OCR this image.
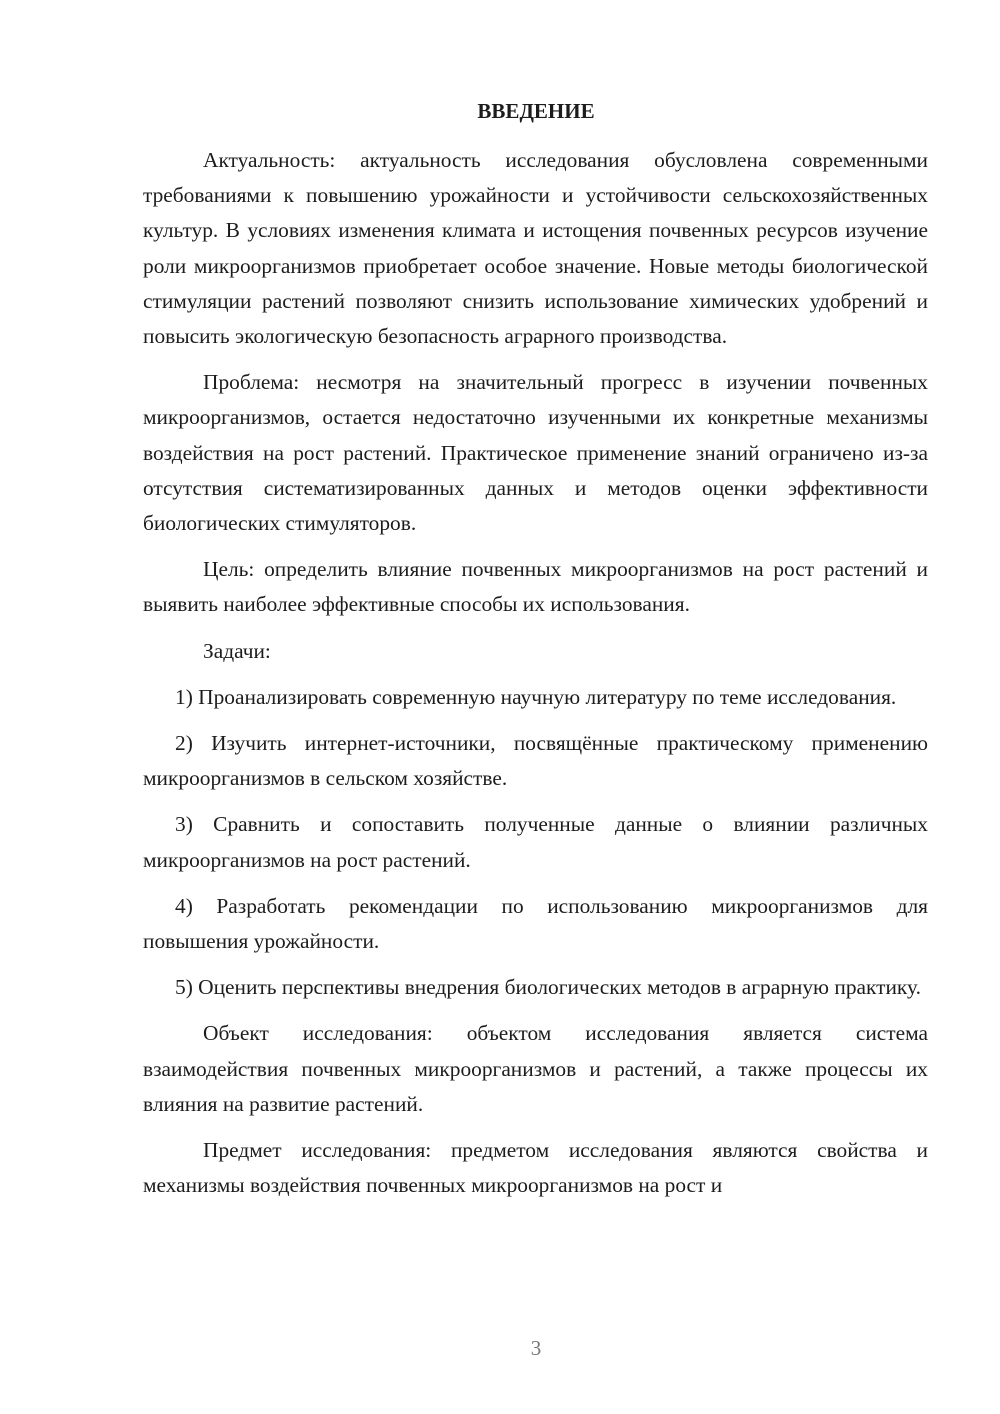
ВВЕДЕНИЕ

Актуальность: актуальность исследования обусловлена современными требованиями к повышению урожайности и устойчивости сельскохозяйственных культур. В условиях изменения климата и истощения почвенных ресурсов изучение роли микроорганизмов приобретает особое значение. Новые методы биологической стимуляции растений позволяют снизить использование химических удобрений и повысить экологическую безопасность аграрного производства.

Проблема: несмотря на значительный прогресс в изучении почвенных микроорганизмов, остается недостаточно изученными их конкретные механизмы воздействия на рост растений. Практическое применение знаний ограничено из-за отсутствия систематизированных данных и методов оценки эффективности биологических стимуляторов.

Цель: определить влияние почвенных микроорганизмов на рост растений и выявить наиболее эффективные способы их использования.

Задачи:

1) Проанализировать современную научную литературу по теме исследования.

2) Изучить интернет-источники, посвящённые практическому применению микроорганизмов в сельском хозяйстве.

3) Сравнить и сопоставить полученные данные о влиянии различных микроорганизмов на рост растений.

4) Разработать рекомендации по использованию микроорганизмов для повышения урожайности.

5) Оценить перспективы внедрения биологических методов в аграрную практику.

Объект исследования: объектом исследования является система взаимодействия почвенных микроорганизмов и растений, а также процессы их влияния на развитие растений.

Предмет исследования: предметом исследования являются свойства и механизмы воздействия почвенных микроорганизмов на рост и

3
